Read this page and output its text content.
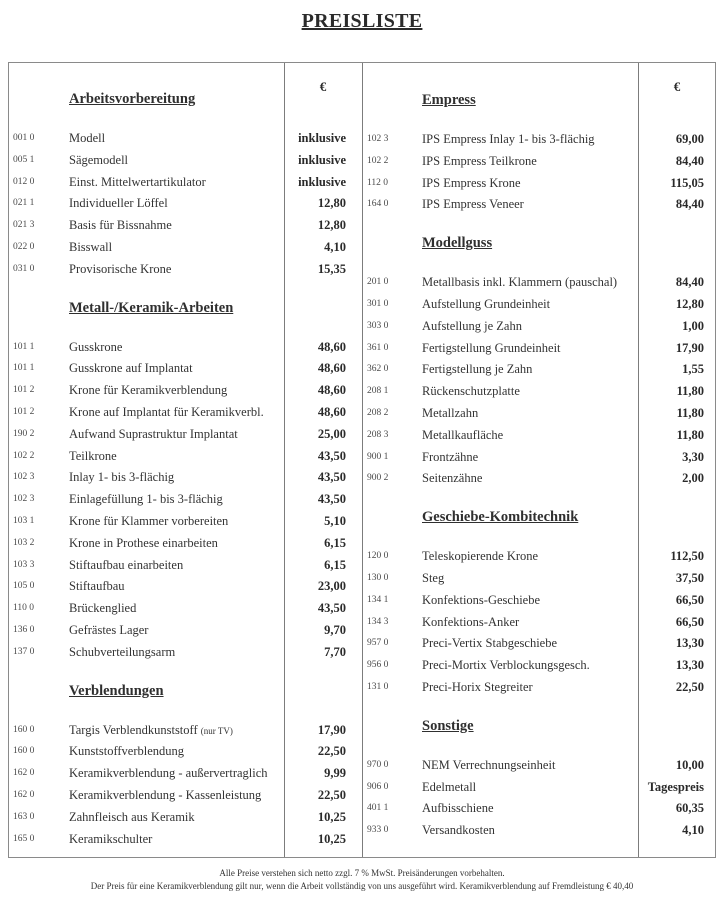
PREISLISTE
€	€
Arbeitsvorbereitung
001 0	Modell	inklusive
005 1	Sägemodell	inklusive
012 0	Einst. Mittelwertartikulator	inklusive
021 1	Individueller Löffel	12,80
021 3	Basis für Bissnahme	12,80
022 0	Bisswall	4,10
031 0	Provisorische Krone	15,35
Metall-/Keramik-Arbeiten
101 1	Gusskrone	48,60
101 1	Gusskrone auf Implantat	48,60
101 2	Krone für Keramikverblendung	48,60
101 2	Krone auf Implantat für Keramikverbl.	48,60
190 2	Aufwand Suprastruktur Implantat	25,00
102 2	Teilkrone	43,50
102 3	Inlay 1- bis 3-flächig	43,50
102 3	Einlagefüllung 1- bis 3-flächig	43,50
103 1	Krone für Klammer vorbereiten	5,10
103 2	Krone in Prothese einarbeiten	6,15
103 3	Stiftaufbau einarbeiten	6,15
105 0	Stiftaufbau	23,00
110 0	Brückenglied	43,50
136 0	Gefrästes Lager	9,70
137 0	Schubverteilungsarm	7,70
Verblendungen
160 0	Targis Verblendkunststoff (nur TV)	17,90
160 0	Kunststoffverblendung	22,50
162 0	Keramikverblendung - außervertraglich	9,99
162 0	Keramikverblendung - Kassenleistung	22,50
163 0	Zahnfleisch aus Keramik	10,25
165 0	Keramikschulter	10,25
Empress
102 3	IPS Empress Inlay 1- bis 3-flächig	69,00
102 2	IPS Empress Teilkrone	84,40
112 0	IPS Empress Krone	115,05
164 0	IPS Empress Veneer	84,40
Modellguss
201 0	Metallbasis inkl. Klammern (pauschal)	84,40
301 0	Aufstellung Grundeinheit	12,80
303 0	Aufstellung je Zahn	1,00
361 0	Fertigstellung Grundeinheit	17,90
362 0	Fertigstellung je Zahn	1,55
208 1	Rückenschutzplatte	11,80
208 2	Metallzahn	11,80
208 3	Metallkaufläche	11,80
900 1	Frontzähne	3,30
900 2	Seitenzähne	2,00
Geschiebe-Kombitechnik
120 0	Teleskopierende Krone	112,50
130 0	Steg	37,50
134 1	Konfektions-Geschiebe	66,50
134 3	Konfektions-Anker	66,50
957 0	Preci-Vertix Stabgeschiebe	13,30
956 0	Preci-Mortix Verblockungsgesch.	13,30
131 0	Preci-Horix Stegreiter	22,50
Sonstige
970 0	NEM Verrechnungseinheit	10,00
906 0	Edelmetall	Tagespreis
401 1	Aufbisschiene	60,35
933 0	Versandkosten	4,10
Alle Preise verstehen sich netto zzgl. 7 % MwSt. Preisänderungen vorbehalten.
Der Preis für eine Keramikverblendung gilt nur, wenn die Arbeit vollständig von uns ausgeführt wird. Keramikverblendung auf Fremdleistung € 40,40
